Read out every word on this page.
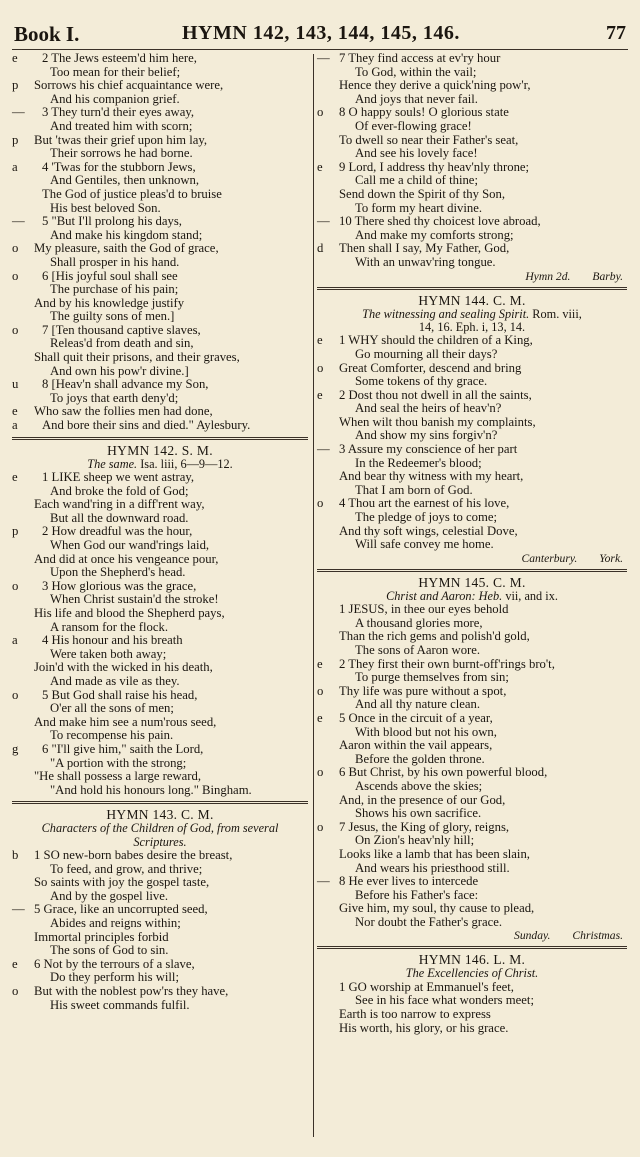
Book I.	HYMN 142, 143, 144, 145, 146.	77
e	2 The Jews esteem'd him here,
Too mean for their belief;
p	Sorrows his chief acquaintance were,
And his companion grief.
—	3 They turn'd their eyes away,
And treated him with scorn;
p	But 'twas their grief upon him lay,
Their sorrows he had borne.
a	4 'Twas for the stubborn Jews,
And Gentiles, then unknown,
The God of justice pleas'd to bruise
His best beloved Son.
—	5 "But I'll prolong his days,
And make his kingdom stand;
o	My pleasure, saith the God of grace,
Shall prosper in his hand.
o	6 [His joyful soul shall see
The purchase of his pain;
And by his knowledge justify
The guilty sons of men.]
o	7 [Ten thousand captive slaves,
Releas'd from death and sin,
Shall quit their prisons, and their graves,
And own his pow'r divine.]
u	8 [Heav'n shall advance my Son,
To joys that earth deny'd;
e	Who saw the follies men had done,
a	And bore their sins and died." Aylesbury.
HYMN 142. S. M.
The same. Isa. liii, 6—9—12.
e	1 LIKE sheep we went astray,
And broke the fold of God;
Each wand'ring in a diff'rent way,
But all the downward road.
p	2 How dreadful was the hour,
When God our wand'rings laid,
And did at once his vengeance pour,
Upon the Shepherd's head.
o	3 How glorious was the grace,
When Christ sustain'd the stroke!
His life and blood the Shepherd pays,
A ransom for the flock.
a	4 His honour and his breath
Were taken both away;
Join'd with the wicked in his death,
And made as vile as they.
o	5 But God shall raise his head,
O'er all the sons of men;
And make him see a num'rous seed,
To recompense his pain.
g	6 "I'll give him," saith the Lord,
"A portion with the strong;
"He shall possess a large reward,
"And hold his honours long." Bingham.
HYMN 143. C. M.
Characters of the Children of God, from several
Scriptures.
b	1 SO new-born babes desire the breast,
To feed, and grow, and thrive;
So saints with joy the gospel taste,
And by the gospel live.
— 5 Grace, like an uncorrupted seed,
Abides and reigns within;
Immortal principles forbid
The sons of God to sin.
e	6 Not by the terrours of a slave,
Do they perform his will;
o	But with the noblest pow'rs they have,
His sweet commands fulfil.
— 7 They find access at ev'ry hour
To God, within the vail;
Hence they derive a quick'ning pow'r,
And joys that never fail.
o	8 O happy souls! O glorious state
Of ever-flowing grace!
To dwell so near their Father's seat,
And see his lovely face!
e	9 Lord, I address thy heav'nly throne;
Call me a child of thine;
Send down the Spirit of thy Son,
To form my heart divine.
— 10 There shed thy choicest love abroad,
And make my comforts strong;
d	Then shall I say, My Father, God,
With an unwav'ring tongue.
Hymn 2d. Barby.
HYMN 144. C. M.
The witnessing and sealing Spirit. Rom. viii,
14, 16. Eph. i, 13, 14.
e	1 WHY should the children of a King,
Go mourning all their days?
o	Great Comforter, descend and bring
Some tokens of thy grace.
e	2 Dost thou not dwell in all the saints,
And seal the heirs of heav'n?
When wilt thou banish my complaints,
And show my sins forgiv'n?
— 3 Assure my conscience of her part
In the Redeemer's blood;
And bear thy witness with my heart,
That I am born of God.
o	4 Thou art the earnest of his love,
The pledge of joys to come;
And thy soft wings, celestial Dove,
Will safe convey me home.
Canterbury. York.
HYMN 145. C. M.
Christ and Aaron: Heb. vii, and ix.
1 JESUS, in thee our eyes behold
A thousand glories more,
Than the rich gems and polish'd gold,
The sons of Aaron wore.
e	2 They first their own burnt-off'rings bro't,
To purge themselves from sin;
o	Thy life was pure without a spot,
And all thy nature clean.
e	5 Once in the circuit of a year,
With blood but not his own,
Aaron within the vail appears,
Before the golden throne.
o	6 But Christ, by his own powerful blood,
Ascends above the skies;
And, in the presence of our God,
Shows his own sacrifice.
o	7 Jesus, the King of glory, reigns,
On Zion's heav'nly hill;
Looks like a lamb that has been slain,
And wears his priesthood still.
— 8 He ever lives to intercede
Before his Father's face:
Give him, my soul, thy cause to plead,
Nor doubt the Father's grace.
Sunday. Christmas.
HYMN 146. L. M.
The Excellencies of Christ.
1 GO worship at Emmanuel's feet,
See in his face what wonders meet;
Earth is too narrow to express
His worth, his glory, or his grace.
